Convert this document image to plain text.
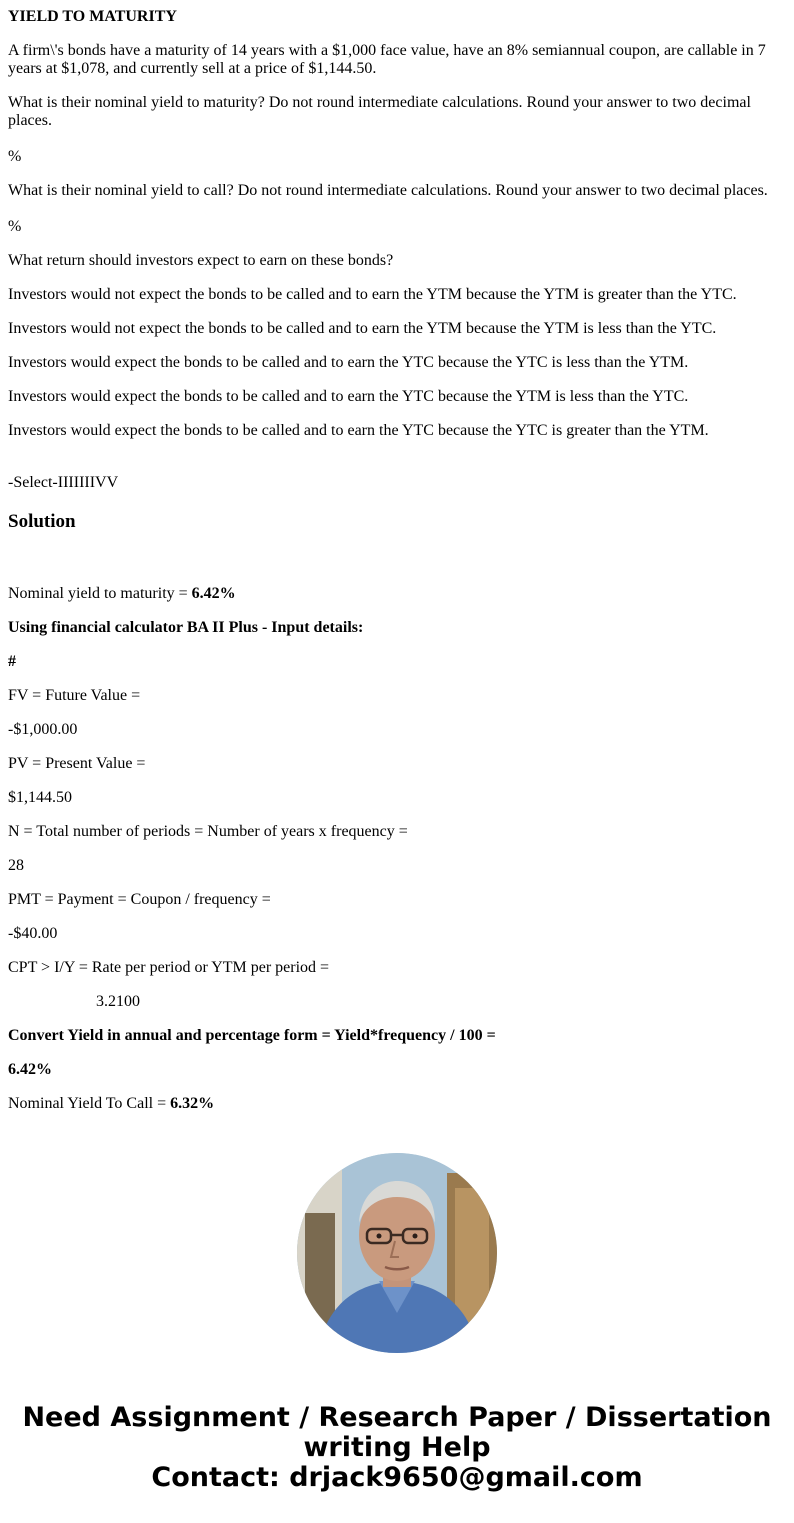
YIELD TO MATURITY

A firm\'s bonds have a maturity of 14 years with a $1,000 face value, have an 8% semiannual coupon, are callable in 7 years at $1,078, and currently sell at a price of $1,144.50.

What is their nominal yield to maturity? Do not round intermediate calculations. Round your answer to two decimal places.

%

What is their nominal yield to call? Do not round intermediate calculations. Round your answer to two decimal places.

%

What return should investors expect to earn on these bonds?

Investors would not expect the bonds to be called and to earn the YTM because the YTM is greater than the YTC.

Investors would not expect the bonds to be called and to earn the YTM because the YTM is less than the YTC.

Investors would expect the bonds to be called and to earn the YTC because the YTC is less than the YTM.

Investors would expect the bonds to be called and to earn the YTC because the YTM is less than the YTC.

Investors would expect the bonds to be called and to earn the YTC because the YTC is greater than the YTM.

-Select-IIIIIIIVV

Solution

Nominal yield to maturity = 6.42%

Using financial calculator BA II Plus - Input details:

#

FV = Future Value =

-$1,000.00

PV = Present Value =

$1,144.50

N = Total number of periods = Number of years x frequency =

28

PMT = Payment = Coupon / frequency =

-$40.00

CPT > I/Y = Rate per period or YTM per period =

3.2100

Convert Yield in annual and percentage form = Yield*frequency / 100 =

6.42%

Nominal Yield To Call = 6.32%

Need Assignment / Research Paper / Dissertation
writing Help
Contact: drjack9650@gmail.com
